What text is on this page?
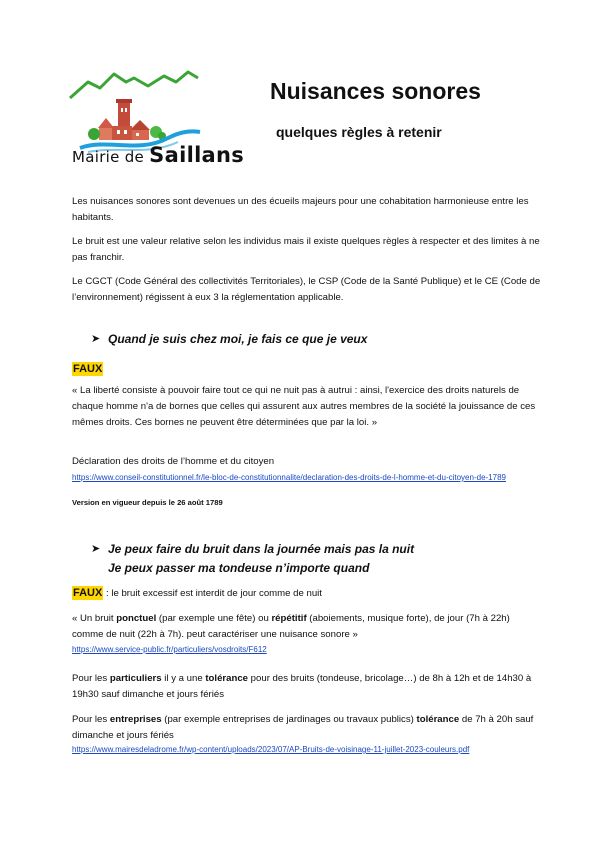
Mairie de Saillans
Nuisances sonores
quelques règles à retenir

Les nuisances sonores sont devenues un des écueils majeurs pour une cohabitation harmonieuse entre les habitants.

Le bruit est une valeur relative selon les individus mais il existe quelques règles à respecter et des limites à ne pas franchir.

Le CGCT (Code Général des collectivités Territoriales), le CSP (Code de la Santé Publique) et le CE (Code de l’environnement) régissent à eux 3 la réglementation applicable.

➤ Quand je suis chez moi, je fais ce que je veux
FAUX

« La liberté consiste à pouvoir faire tout ce qui ne nuit pas à autrui : ainsi, l'exercice des droits naturels de chaque homme n'a de bornes que celles qui assurent aux autres membres de la société la jouissance de ces mêmes droits. Ces bornes ne peuvent être déterminées que par la loi. »

Déclaration des droits de l’homme et du citoyen

https://www.conseil-constitutionnel.fr/le-bloc-de-constitutionnalite/declaration-des-droits-de-l-homme-et-du-citoyen-de-1789
Version en vigueur depuis le 26 août 1789
➤ Je peux faire du bruit dans la journée mais pas la nuit
Je peux passer ma tondeuse n’importe quand
FAUX : le bruit excessif est interdit de jour comme de nuit

« Un bruit ponctuel (par exemple une fête) ou répétitif (aboiements, musique forte), de jour (7h à 22h) comme de nuit (22h à 7h). peut caractériser une nuisance sonore »

https://www.service-public.fr/particuliers/vosdroits/F612

Pour les particuliers il y a une tolérance pour des bruits (tondeuse, bricolage…) de 8h à 12h et de 14h30 à 19h30 sauf dimanche et jours fériés

Pour les entreprises (par exemple entreprises de jardinages ou travaux publics) tolérance de 7h à 20h sauf dimanche et jours fériés

https://www.mairesdeladrome.fr/wp-content/uploads/2023/07/AP-Bruits-de-voisinage-11-juillet-2023-couleurs.pdf
